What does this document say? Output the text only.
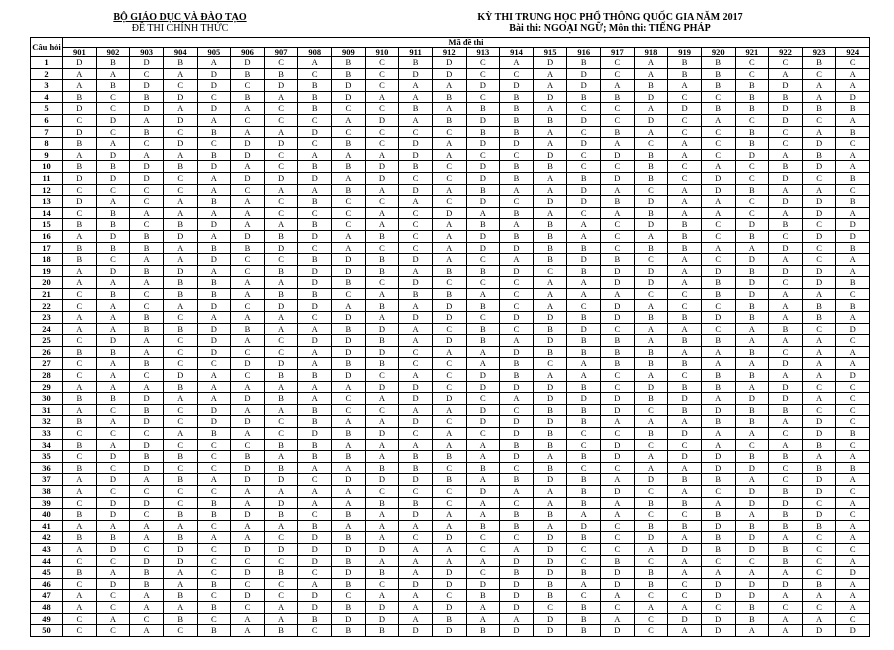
BỘ GIÁO DỤC VÀ ĐÀO TẠO
ĐỀ THI CHÍNH THỨC
KỲ THI TRUNG HỌC PHỔ THÔNG QUỐC GIA NĂM 2017
Bài thi: NGOẠI NGỮ; Môn thi: TIẾNG PHÁP
Câu hỏi	Mã đề thi																							
	901	902	903	904	905	906	907	908	909	910	911	912	913	914	915	916	917	918	919	920	921	922	923	924
1	D	B	D	B	A	D	C	A	B	C	B	D	C	A	D	B	C	A	B	B	C	C	B	C
2	A	A	C	A	D	B	B	C	B	C	D	D	C	C	A	D	C	A	B	B	C	A	C	A
3	A	B	D	C	D	C	D	B	D	C	A	A	D	D	A	D	A	B	A	B	B	D	A	A
4	B	C	B	D	C	B	A	B	D	A	A	B	C	B	D	B	B	D	C	C	B	B	A	D
5	D	C	D	A	D	A	C	B	C	C	B	A	B	B	A	C	C	A	D	B	B	D	B	B
6	C	D	A	D	A	C	C	C	A	D	A	B	D	B	B	D	C	D	C	A	C	D	C	A
7	D	C	B	C	B	A	A	D	C	C	C	C	B	B	A	C	B	A	C	C	B	C	A	B
8	B	A	C	D	C	D	D	C	B	C	D	A	D	D	A	D	A	C	A	C	B	C	D	C
9	A	D	A	A	B	D	C	A	A	A	D	A	C	C	D	C	D	B	A	C	D	A	B	A
10	B	B	D	B	D	A	C	B	B	D	B	C	D	B	B	C	C	B	C	A	C	B	D	A
11	D	D	D	C	A	D	D	D	A	D	C	C	D	B	A	B	D	B	C	D	C	D	C	B
12	C	C	C	C	A	C	A	A	B	A	D	A	B	A	A	D	A	C	A	D	B	A	A	C
13	D	A	C	A	B	A	C	B	C	C	A	C	D	C	D	D	B	D	A	A	C	D	D	B
14	C	B	A	A	A	A	C	C	C	A	C	D	A	B	A	C	A	B	A	A	C	A	D	A
15	B	B	C	B	D	A	A	B	C	A	C	A	B	A	B	A	C	D	B	C	D	B	C	D
16	A	D	B	D	A	D	B	D	A	B	C	A	D	B	B	A	C	A	B	C	B	C	D	D
17	B	B	B	A	B	B	D	C	A	C	C	A	D	D	B	B	C	B	B	A	A	D	C	B
18	B	C	A	A	D	C	C	B	D	B	D	A	C	A	B	D	B	C	A	C	D	A	C	A
19	A	D	B	D	A	C	B	D	D	B	A	B	B	D	C	B	D	D	A	D	B	D	D	A
20	A	A	A	B	B	A	A	D	B	C	D	C	C	C	A	A	D	D	A	B	D	C	D	B
21	C	B	C	B	B	A	B	B	C	A	B	B	A	C	A	A	A	C	C	B	D	A	A	C
22	C	A	C	A	D	C	D	D	A	B	A	D	B	C	A	C	D	A	C	C	B	A	B	B
23	A	A	B	C	A	A	A	C	D	A	D	D	C	D	D	B	D	B	B	D	B	A	B	A
24	A	A	B	B	D	B	A	A	B	D	A	C	B	C	B	D	C	A	A	C	A	B	C	D
25	C	D	A	C	D	A	C	D	D	B	A	D	B	A	D	B	B	A	B	B	A	A	A	C
26	B	B	A	C	D	C	C	A	D	D	C	A	A	D	B	B	B	B	A	A	B	C	A	A
27	C	A	B	C	C	D	D	A	B	B	C	C	A	B	C	A	B	B	B	A	A	D	A	A
28	C	A	C	D	A	C	B	B	D	C	A	C	D	B	A	A	C	A	C	B	B	A	A	D
29	A	A	A	B	A	A	A	A	A	D	D	C	D	D	D	B	C	D	B	B	A	D	C	C
30	B	B	D	A	A	D	B	A	C	A	D	D	C	A	D	D	D	B	D	A	D	D	A	C
31	A	C	B	C	D	A	A	B	C	C	A	A	D	C	B	B	D	C	B	D	B	B	C	C
32	B	A	D	C	D	D	C	B	A	A	D	C	D	D	D	B	A	A	A	B	B	A	D	C
33	C	C	C	A	B	A	C	D	B	D	C	A	C	D	B	C	C	B	D	A	A	C	D	B
34	B	A	D	C	C	C	B	B	A	A	A	A	A	B	B	C	D	C	C	A	C	A	B	C
35	C	D	B	B	C	B	A	B	B	A	B	B	A	D	A	B	D	A	D	D	B	B	A	A
36	B	C	D	C	C	D	B	A	A	B	B	C	B	C	B	C	C	A	A	D	D	C	B	B
37	A	D	A	B	A	D	D	C	D	D	D	B	A	B	D	B	A	D	B	B	A	C	D	A
38	A	C	C	C	C	A	A	A	A	C	C	C	D	A	A	B	D	C	A	C	D	B	D	C
39	C	D	D	C	B	A	D	A	A	B	B	C	A	C	A	B	A	B	B	A	D	D	C	A
40	B	D	C	B	B	D	B	C	B	A	D	A	A	B	B	A	A	C	C	B	A	B	D	C
41	A	A	A	A	C	A	A	B	A	A	A	A	B	B	A	D	C	B	B	D	B	B	B	A
42	B	B	A	B	A	A	C	D	B	A	C	D	C	C	D	B	C	D	A	B	D	A	C	A
43	A	D	C	D	C	D	D	D	D	D	A	A	C	A	D	C	C	A	D	B	D	B	C	C
44	C	C	D	D	C	C	C	D	B	A	A	A	A	D	D	C	B	C	A	C	C	B	C	A
45	B	A	B	A	C	D	B	C	D	B	A	D	C	B	D	B	D	B	A	A	A	A	C	D
46	C	D	B	A	B	C	C	A	B	C	D	D	D	D	B	A	D	B	C	D	D	D	B	A
47	A	C	A	B	C	D	C	D	C	A	A	C	B	D	B	C	A	C	C	D	D	A	A	A
48	A	C	A	A	B	C	A	D	B	D	A	D	A	D	C	B	C	A	A	C	B	C	C	A
49	C	A	C	B	C	A	A	B	D	D	A	B	A	A	D	B	A	C	D	D	B	A	A	C
50	C	C	A	C	B	A	B	C	B	B	D	D	B	D	D	B	D	C	A	D	A	A	D	D
